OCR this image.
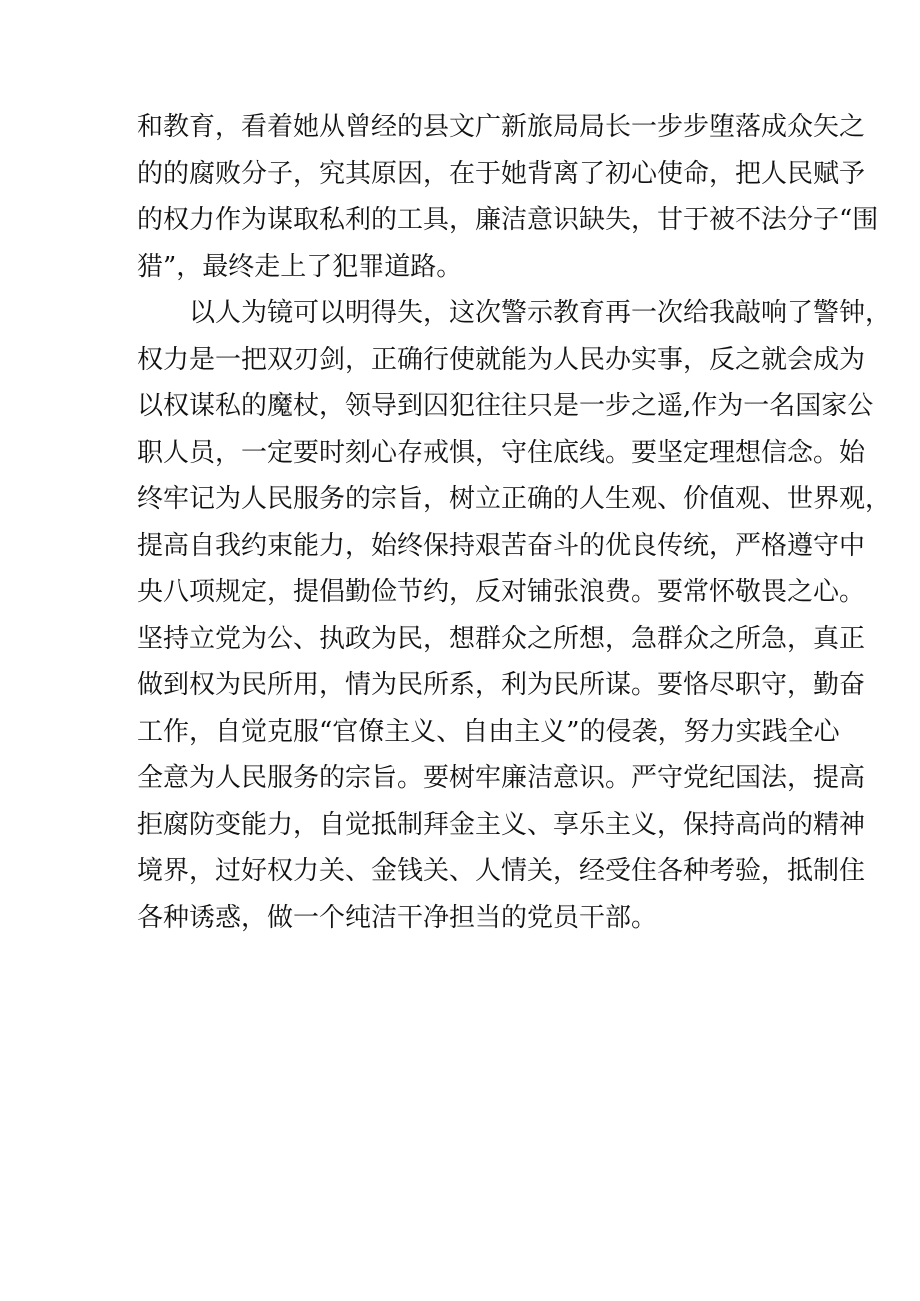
和教育，看着她从曾经的县文广新旅局局长一步步堕落成众矢之
的的腐败分子，究其原因，在于她背离了初心使命，把人民赋予
的权力作为谋取私利的工具，廉洁意识缺失，甘于被不法分子“围
猎”，最终走上了犯罪道路。
　　以人为镜可以明得失，这次警示教育再一次给我敲响了警钟，
权力是一把双刃剑，正确行使就能为人民办实事，反之就会成为
以权谋私的魔杖，领导到囚犯往往只是一步之遥,作为一名国家公
职人员，一定要时刻心存戒惧，守住底线。要坚定理想信念。始
终牢记为人民服务的宗旨，树立正确的人生观、价值观、世界观，
提高自我约束能力，始终保持艰苦奋斗的优良传统，严格遵守中
央八项规定，提倡勤俭节约，反对铺张浪费。要常怀敬畏之心。
坚持立党为公、执政为民，想群众之所想，急群众之所急，真正
做到权为民所用，情为民所系，利为民所谋。要恪尽职守，勤奋
工作，自觉克服“官僚主义、自由主义”的侵袭，努力实践全心
全意为人民服务的宗旨。要树牢廉洁意识。严守党纪国法，提高
拒腐防变能力，自觉抵制拜金主义、享乐主义，保持高尚的精神
境界，过好权力关、金钱关、人情关，经受住各种考验，抵制住
各种诱惑，做一个纯洁干净担当的党员干部。
